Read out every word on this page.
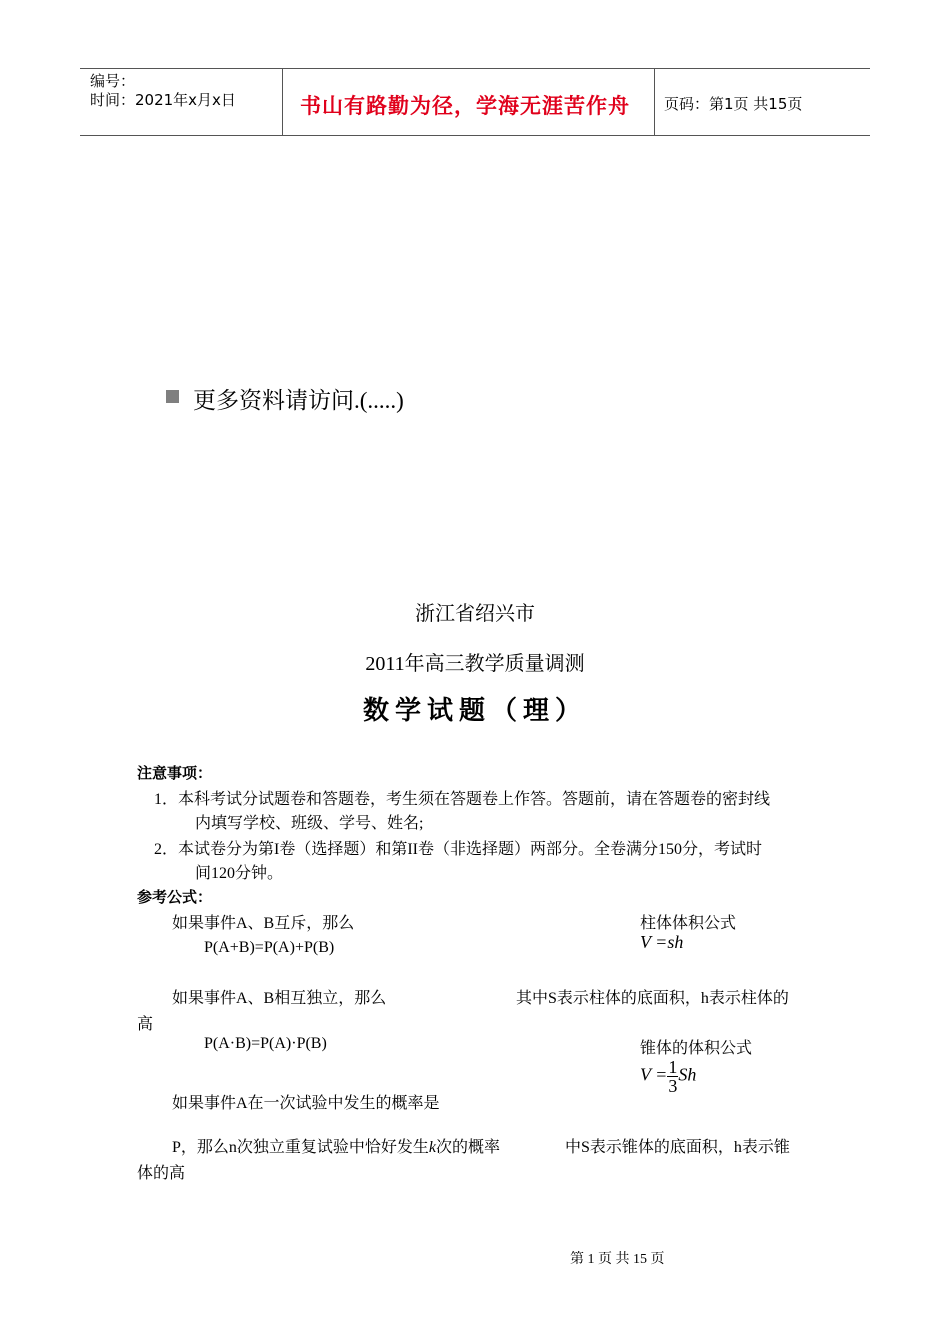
编号：
时间：2021年x月x日	书山有路勤为径，学海无涯苦作舟 页码：第1页 共15页
更多资料请访问.(.....)
浙江省绍兴市
2011年高三教学质量调测
数学试题（理）
注意事项：
1．本科考试分试题卷和答题卷，考生须在答题卷上作答。答题前，请在答题卷的密封线
内填写学校、班级、学号、姓名;
2．本试卷分为第I卷（选择题）和第II卷（非选择题）两部分。全卷满分150分，考试时
间120分钟。
参考公式：
如果事件A、B互斥，那么
P(A+B)=P(A)+P(B)
柱体体积公式
V =sh
如果事件A、B相互独立，那么	其中S表示柱体的底面积，h表示柱体的
高
P(A·B)=P(A)·P(B)	锥体的体积公式
$V = \frac{1}{3}$ Sh
如果事件A在一次试验中发生的概率是
P，那么n次独立重复试验中恰好发生k次的概率	中S表示锥体的底面积，h表示锥
体的高
第 1 页 共 15 页
